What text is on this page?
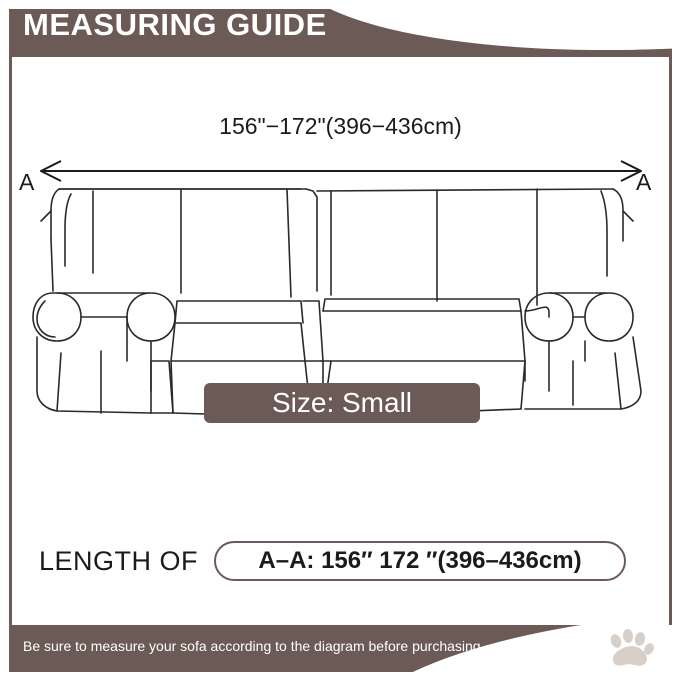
MEASURING GUIDE
156"−172"(396−436cm)
A	A
Size: Small
LENGTH OF	A–A: 156″ 172 ″(396–436cm)
Be sure to measure your sofa according to the diagram before purchasing
